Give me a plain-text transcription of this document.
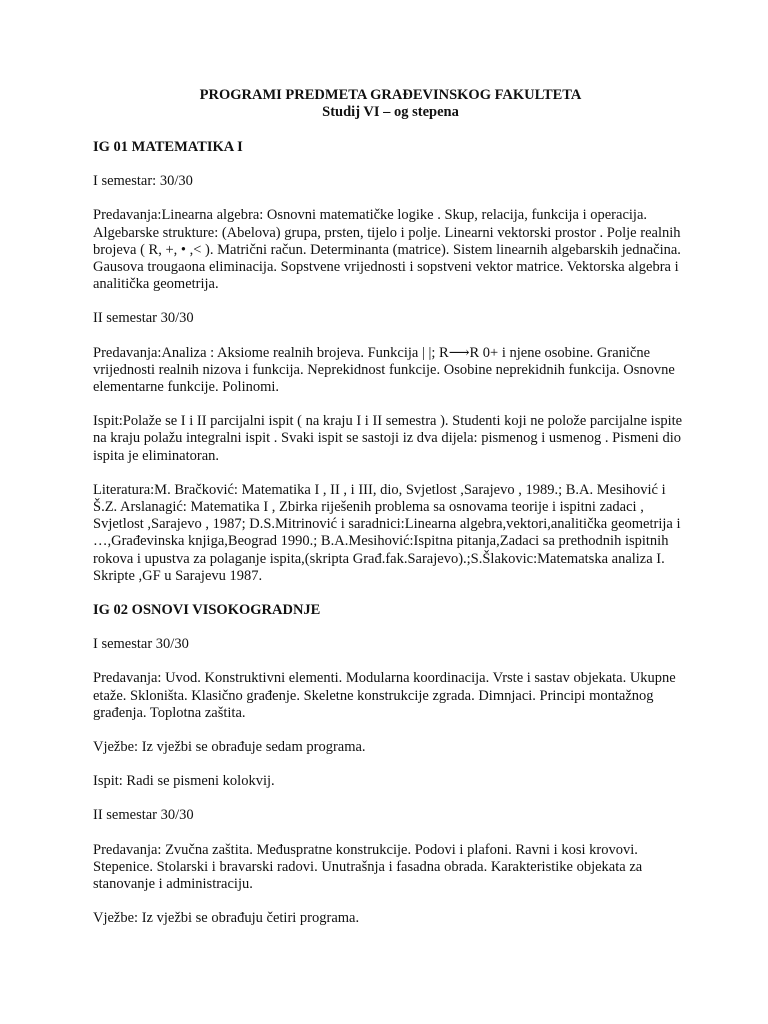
PROGRAMI PREDMETA GRAĐEVINSKOG FAKULTETA
Studij VI – og stepena
IG 01 MATEMATIKA I
I semestar: 30/30
Predavanja:Linearna algebra: Osnovni matematičke logike . Skup, relacija, funkcija i operacija. Algebarske strukture: (Abelova) grupa, prsten, tijelo i polje. Linearni vektorski prostor . Polje realnih brojeva ( R, +, • ,< ). Matrični račun. Determinanta (matrice). Sistem linearnih algebarskih jednačina. Gausova trougaona eliminacija. Sopstvene vrijednosti i sopstveni vektor matrice. Vektorska algebra i analitička geometrija.
II semestar 30/30
Predavanja:Analiza : Aksiome realnih brojeva. Funkcija | |; R⟶R 0+ i njene osobine. Granične vrijednosti realnih nizova i funkcija. Neprekidnost funkcije. Osobine neprekidnih funkcija. Osnovne elementarne funkcije. Polinomi.
Ispit:Polaže se I i II parcijalni ispit ( na kraju I i II semestra ). Studenti koji ne polože parcijalne ispite na kraju polažu integralni ispit . Svaki ispit se sastoji iz dva dijela: pismenog i usmenog . Pismeni dio ispita je eliminatoran.
Literatura:M. Bračković: Matematika I , II , i III, dio, Svjetlost ,Sarajevo , 1989.; B.A. Mesihović i Š.Z. Arslanagić: Matematika I , Zbirka riješenih problema sa osnovama teorije i ispitni zadaci , Svjetlost ,Sarajevo , 1987; D.S.Mitrinović i saradnici:Linearna algebra,vektori,analitička geometrija i …,Građevinska knjiga,Beograd 1990.; B.A.Mesihović:Ispitna pitanja,Zadaci sa prethodnih ispitnih rokova i upustva za polaganje ispita,(skripta Građ.fak.Sarajevo).;S.Šlakovic:Matematska analiza I. Skripte ,GF u Sarajevu 1987.
IG 02 OSNOVI VISOKOGRADNJE
I semestar 30/30
Predavanja: Uvod. Konstruktivni elementi. Modularna koordinacija. Vrste i sastav objekata. Ukupne etaže. Skloništa. Klasično građenje. Skeletne konstrukcije zgrada. Dimnjaci. Principi montažnog građenja. Toplotna zaštita.
Vježbe: Iz vježbi se obrađuje sedam programa.
Ispit: Radi se pismeni kolokvij.
II semestar 30/30
Predavanja: Zvučna zaštita. Međuspratne konstrukcije. Podovi i plafoni. Ravni i kosi krovovi. Stepenice. Stolarski i bravarski radovi. Unutrašnja i fasadna obrada. Karakteristike objekata za stanovanje i administraciju.
Vježbe: Iz vježbi se obrađuju četiri programa.
